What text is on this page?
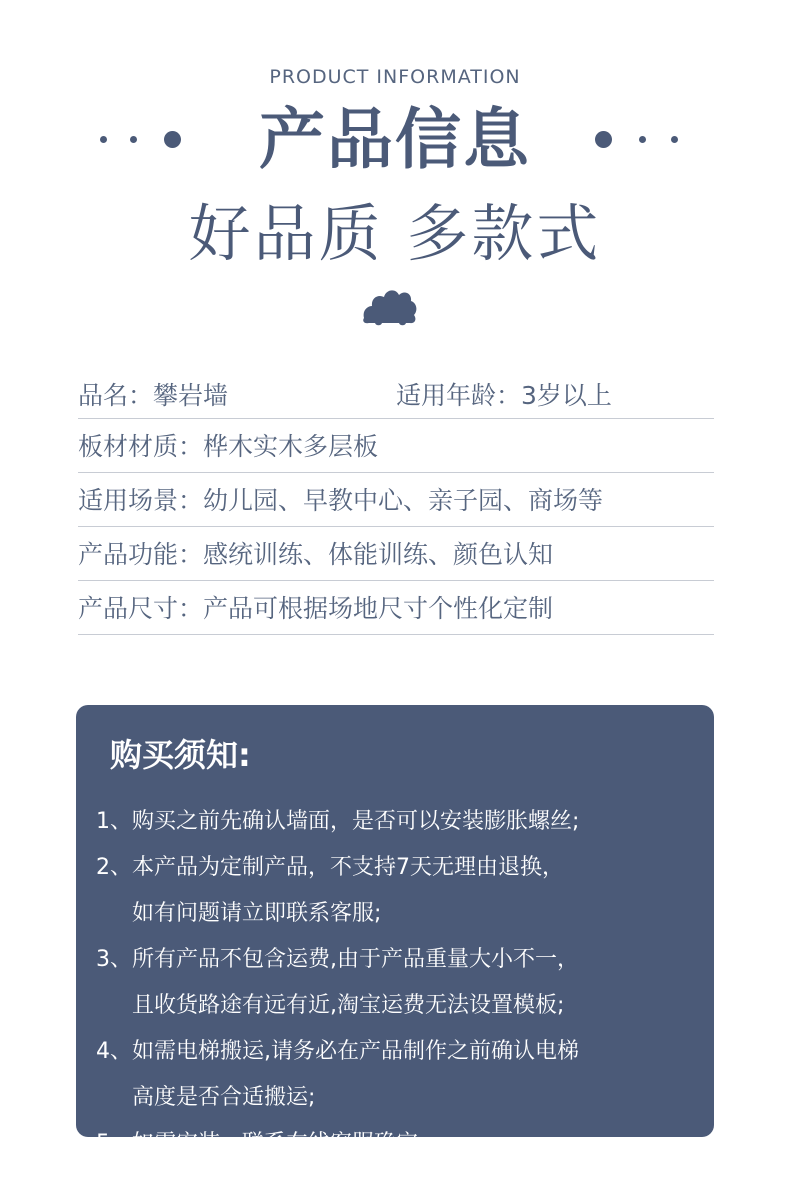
PRODUCT INFORMATION
产品信息
好品质 多款式
品名：攀岩墙	适用年龄：3岁以上
板材材质：桦木实木多层板
适用场景：幼儿园、早教中心、亲子园、商场等
产品功能：感统训练、体能训练、颜色认知
产品尺寸：产品可根据场地尺寸个性化定制
购买须知:
1、购买之前先确认墙面，是否可以安装膨胀螺丝;
2、本产品为定制产品，不支持7天无理由退换，
如有问题请立即联系客服;
3、所有产品不包含运费,由于产品重量大小不一，
且收货路途有远有近,淘宝运费无法设置模板;
4、如需电梯搬运,请务必在产品制作之前确认电梯
高度是否合适搬运;
5、如需安装，联系在线客服确定。
